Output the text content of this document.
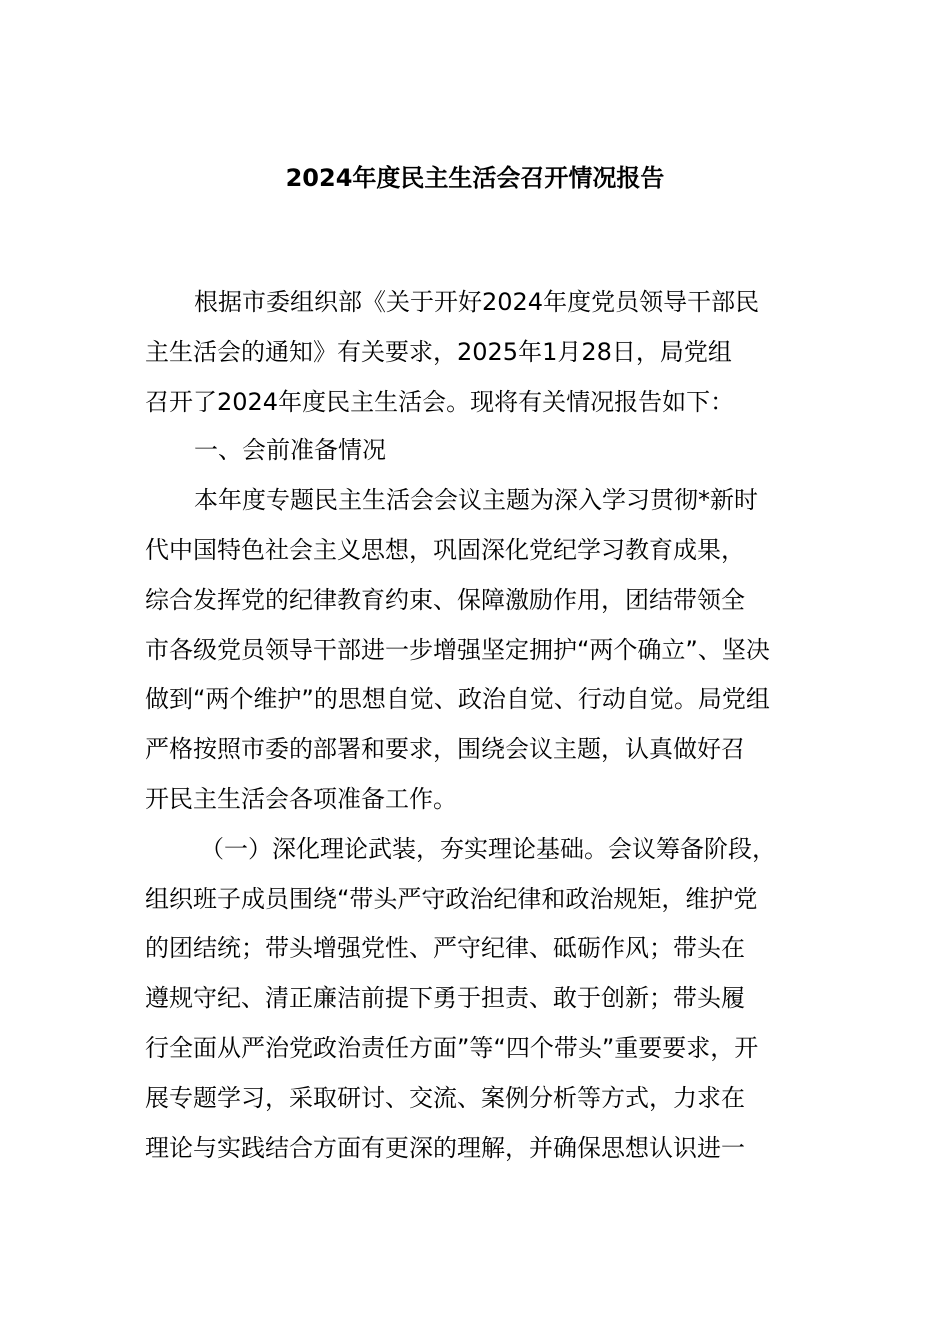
2024年度民主生活会召开情况报告
根据市委组织部《关于开好2024年度党员领导干部民
主生活会的通知》有关要求，2025年1月28日，局党组
召开了2024年度民主生活会。现将有关情况报告如下：
一、会前准备情况
本年度专题民主生活会会议主题为深入学习贯彻*新时
代中国特色社会主义思想，巩固深化党纪学习教育成果，
综合发挥党的纪律教育约束、保障激励作用，团结带领全
市各级党员领导干部进一步增强坚定拥护“两个确立”、坚决
做到“两个维护”的思想自觉、政治自觉、行动自觉。局党组
严格按照市委的部署和要求，围绕会议主题，认真做好召
开民主生活会各项准备工作。
（一）深化理论武装，夯实理论基础。会议筹备阶段，
组织班子成员围绕“带头严守政治纪律和政治规矩，维护党
的团结统；带头增强党性、严守纪律、砥砺作风；带头在
遵规守纪、清正廉洁前提下勇于担责、敢于创新；带头履
行全面从严治党政治责任方面”等“四个带头”重要要求，开
展专题学习，采取研讨、交流、案例分析等方式，力求在
理论与实践结合方面有更深的理解，并确保思想认识进一
